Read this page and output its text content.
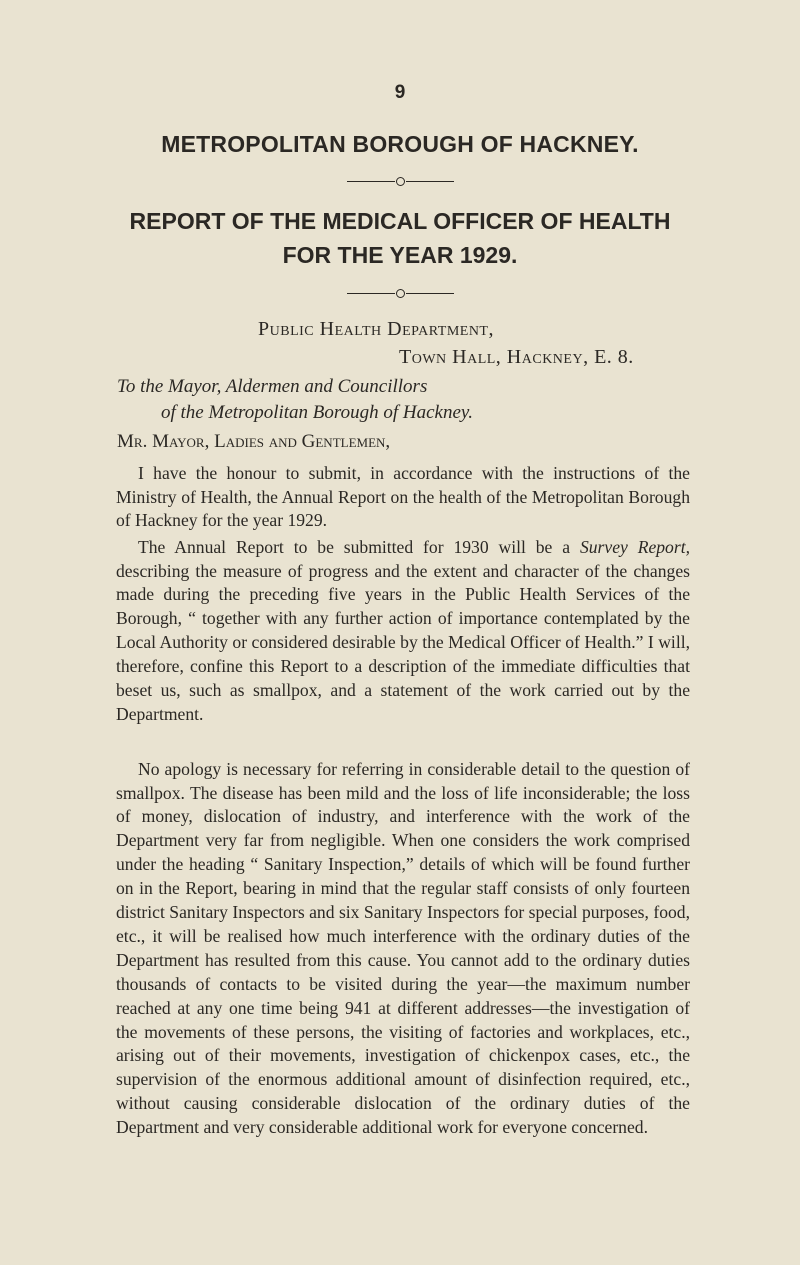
9
METROPOLITAN BOROUGH OF HACKNEY.
REPORT OF THE MEDICAL OFFICER OF HEALTH
FOR THE YEAR 1929.
Public Health Department,
Town Hall, Hackney, E. 8.
To the Mayor, Aldermen and Councillors
of the Metropolitan Borough of Hackney.
Mr. Mayor, Ladies and Gentlemen,

I have the honour to submit, in accordance with the instructions of the Ministry of Health, the Annual Report on the health of the Metropolitan Borough of Hackney for the year 1929.

The Annual Report to be submitted for 1930 will be a Survey Report, describing the measure of progress and the extent and character of the changes made during the preceding five years in the Public Health Services of the Borough, “ together with any further action of importance contemplated by the Local Authority or considered desirable by the Medical Officer of Health.” I will, therefore, confine this Report to a description of the immediate difficulties that beset us, such as smallpox, and a statement of the work carried out by the Department.

No apology is necessary for referring in considerable detail to the question of smallpox. The disease has been mild and the loss of life inconsiderable; the loss of money, dislocation of industry, and interference with the work of the Department very far from negligible. When one considers the work comprised under the heading “ Sanitary Inspection,” details of which will be found further on in the Report, bearing in mind that the regular staff consists of only fourteen district Sanitary Inspectors and six Sanitary Inspectors for special purposes, food, etc., it will be realised how much interference with the ordinary duties of the Department has resulted from this cause. You cannot add to the ordinary duties thousands of contacts to be visited during the year—the maximum number reached at any one time being 941 at different addresses—the investigation of the movements of these persons, the visiting of factories and workplaces, etc., arising out of their movements, investigation of chickenpox cases, etc., the supervision of the enormous additional amount of disinfection required, etc., without causing considerable dislocation of the ordinary duties of the Department and very considerable additional work for everyone concerned.
